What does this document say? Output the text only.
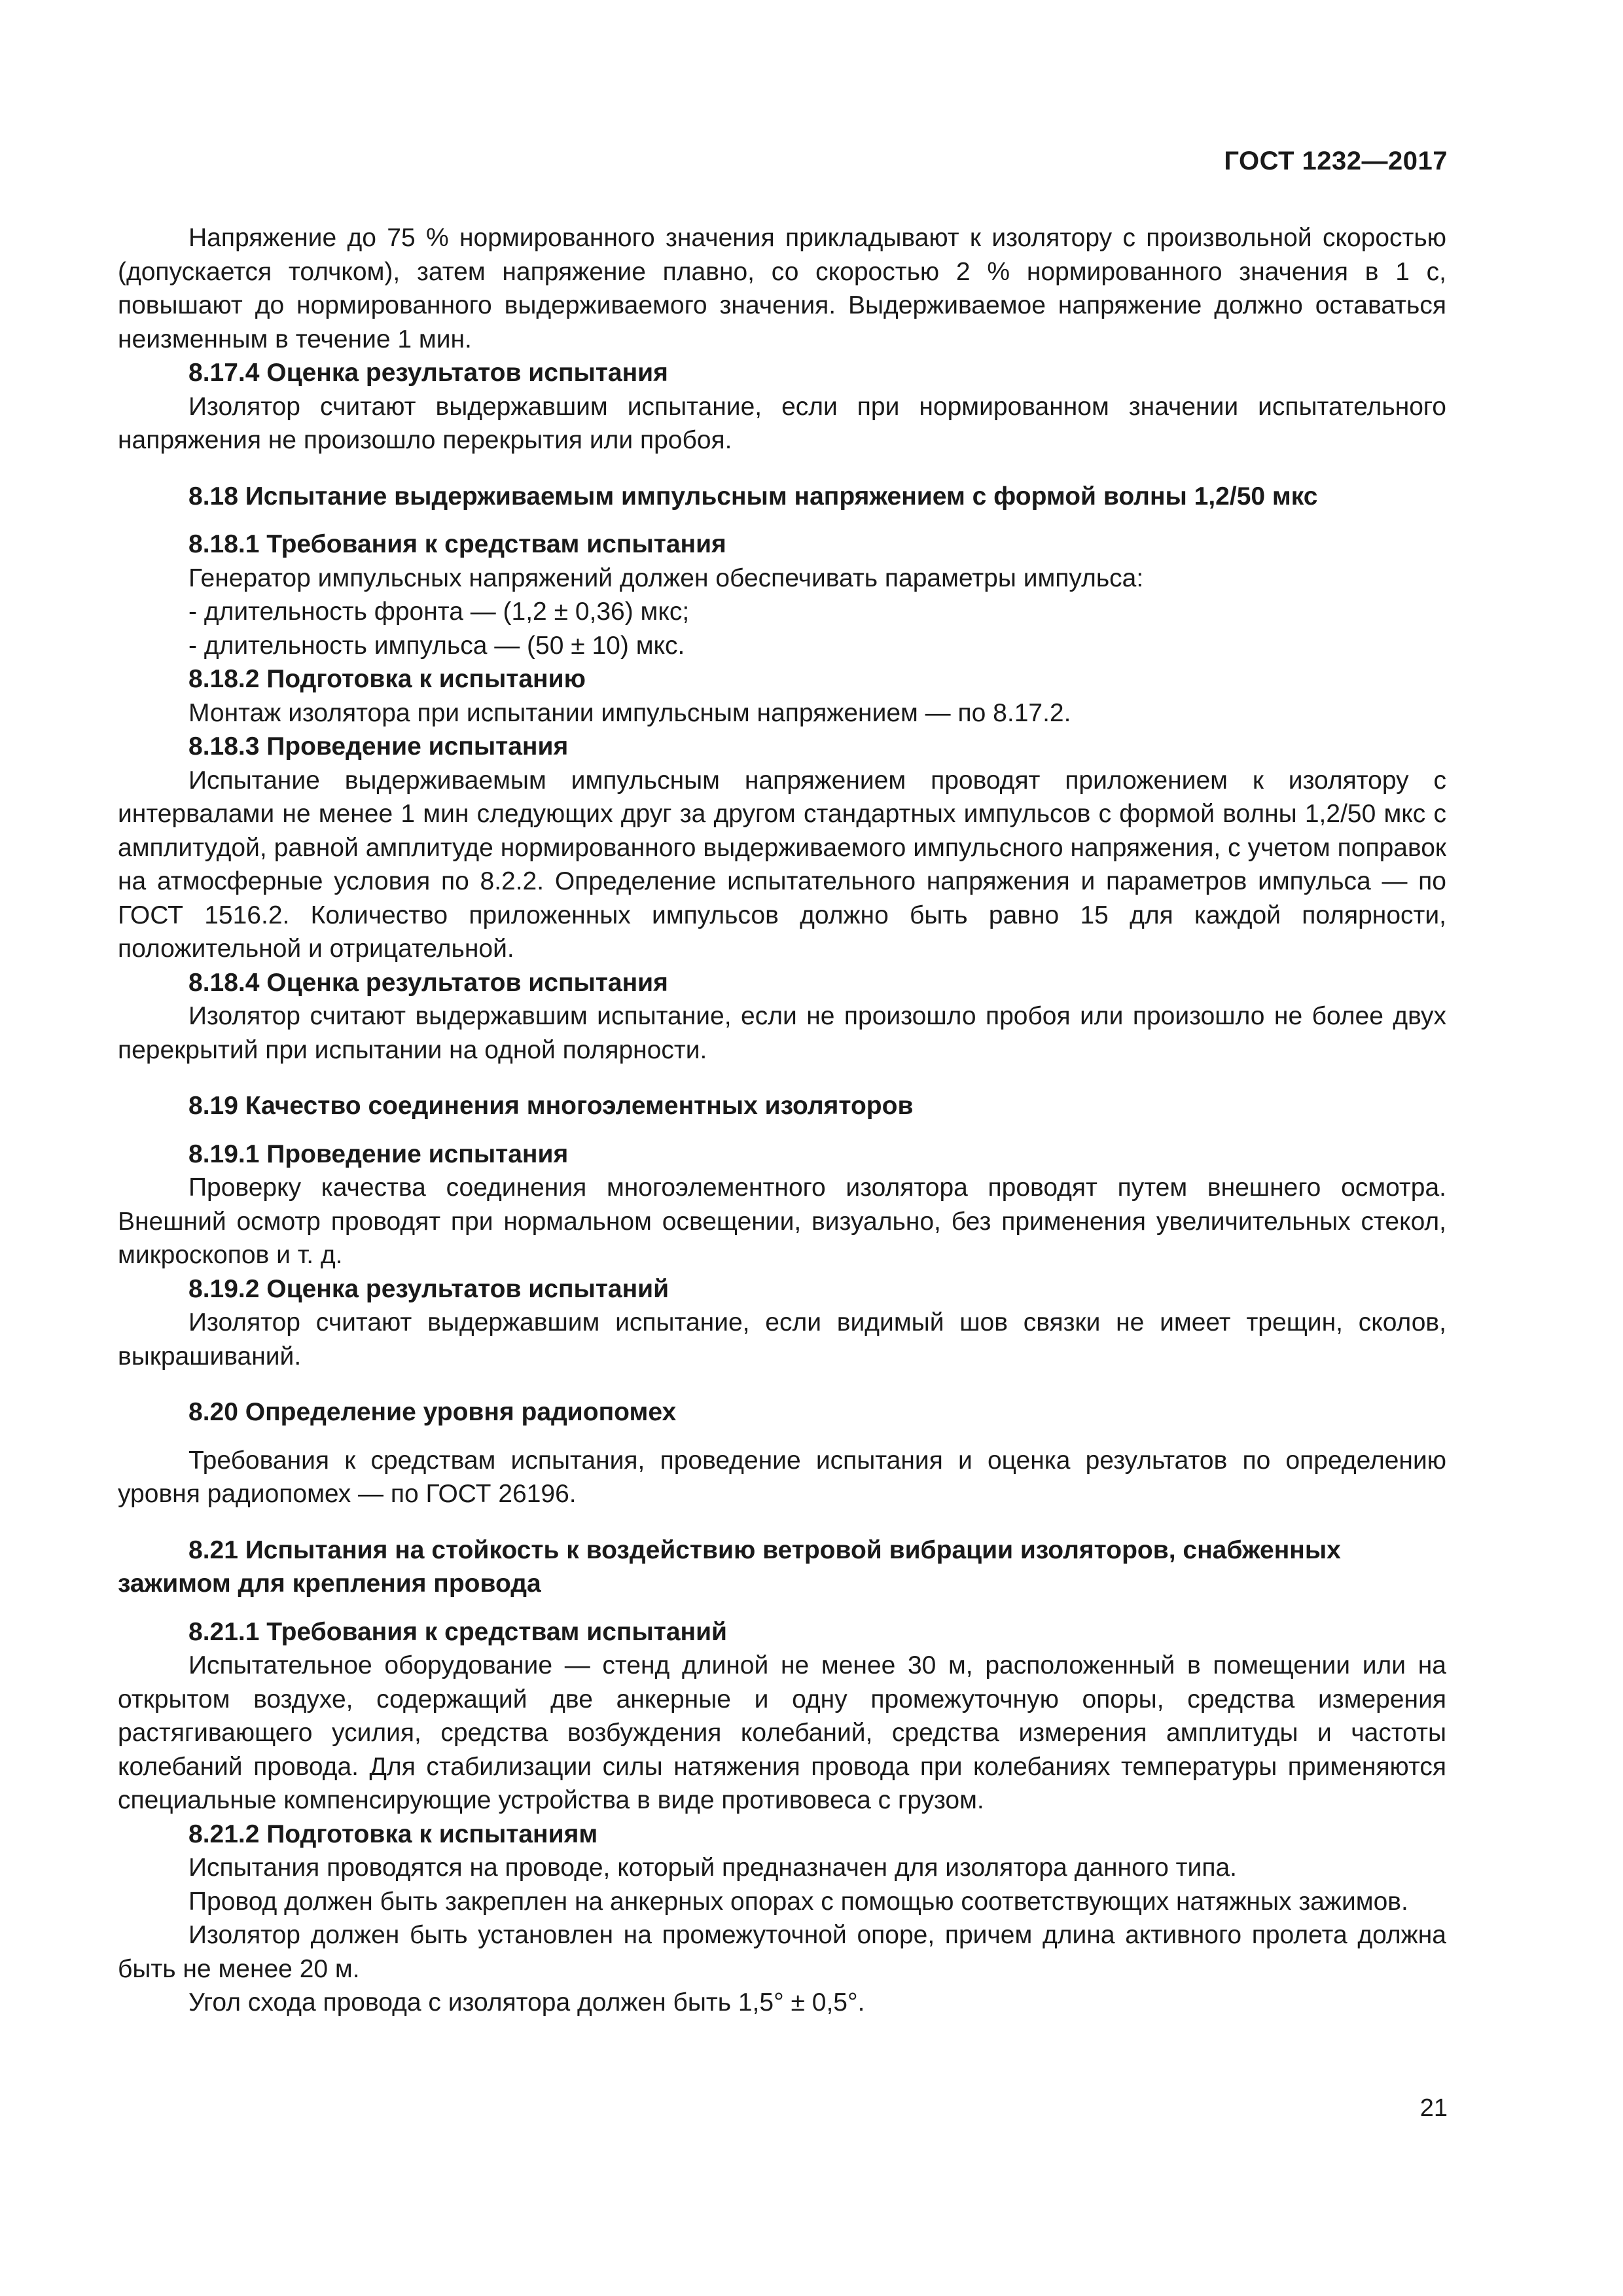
ГОСТ 1232—2017

Напряжение до 75 % нормированного значения прикладывают к изолятору с произвольной скоростью (допускается толчком), затем напряжение плавно, со скоростью 2 % нормированного значения в 1 с, повышают до нормированного выдерживаемого значения. Выдерживаемое напряжение должно оставаться неизменным в течение 1 мин.

8.17.4 Оценка результатов испытания

Изолятор считают выдержавшим испытание, если при нормированном значении испытательного напряжения не произошло перекрытия или пробоя.

8.18 Испытание выдерживаемым импульсным напряжением с формой волны 1,2/50 мкс
8.18.1 Требования к средствам испытания

Генератор импульсных напряжений должен обеспечивать параметры импульса:

- длительность фронта — (1,2 ± 0,36) мкс;
- длительность импульса — (50 ± 10) мкс.
8.18.2 Подготовка к испытанию

Монтаж изолятора при испытании импульсным напряжением — по 8.17.2.

8.18.3 Проведение испытания

Испытание выдерживаемым импульсным напряжением проводят приложением к изолятору с интервалами не менее 1 мин следующих друг за другом стандартных импульсов с формой волны 1,2/50 мкс с амплитудой, равной амплитуде нормированного выдерживаемого импульсного напряжения, с учетом поправок на атмосферные условия по 8.2.2. Определение испытательного напряжения и параметров импульса — по ГОСТ 1516.2. Количество приложенных импульсов должно быть равно 15 для каждой полярности, положительной и отрицательной.

8.18.4 Оценка результатов испытания

Изолятор считают выдержавшим испытание, если не произошло пробоя или произошло не более двух перекрытий при испытании на одной полярности.

8.19 Качество соединения многоэлементных изоляторов
8.19.1 Проведение испытания

Проверку качества соединения многоэлементного изолятора проводят путем внешнего осмотра. Внешний осмотр проводят при нормальном освещении, визуально, без применения увеличительных стекол, микроскопов и т. д.

8.19.2 Оценка результатов испытаний

Изолятор считают выдержавшим испытание, если видимый шов связки не имеет трещин, сколов, выкрашиваний.

8.20 Определение уровня радиопомех

Требования к средствам испытания, проведение испытания и оценка результатов по определению уровня радиопомех — по ГОСТ 26196.

8.21 Испытания на стойкость к воздействию ветровой вибрации изоляторов, снабженных зажимом для крепления провода
8.21.1 Требования к средствам испытаний

Испытательное оборудование — стенд длиной не менее 30 м, расположенный в помещении или на открытом воздухе, содержащий две анкерные и одну промежуточную опоры, средства измерения растягивающего усилия, средства возбуждения колебаний, средства измерения амплитуды и частоты колебаний провода. Для стабилизации силы натяжения провода при колебаниях температуры применяются специальные компенсирующие устройства в виде противовеса с грузом.

8.21.2 Подготовка к испытаниям

Испытания проводятся на проводе, который предназначен для изолятора данного типа.

Провод должен быть закреплен на анкерных опорах с помощью соответствующих натяжных зажимов.

Изолятор должен быть установлен на промежуточной опоре, причем длина активного пролета должна быть не менее 20 м.

Угол схода провода с изолятора должен быть 1,5° ± 0,5°.

21
